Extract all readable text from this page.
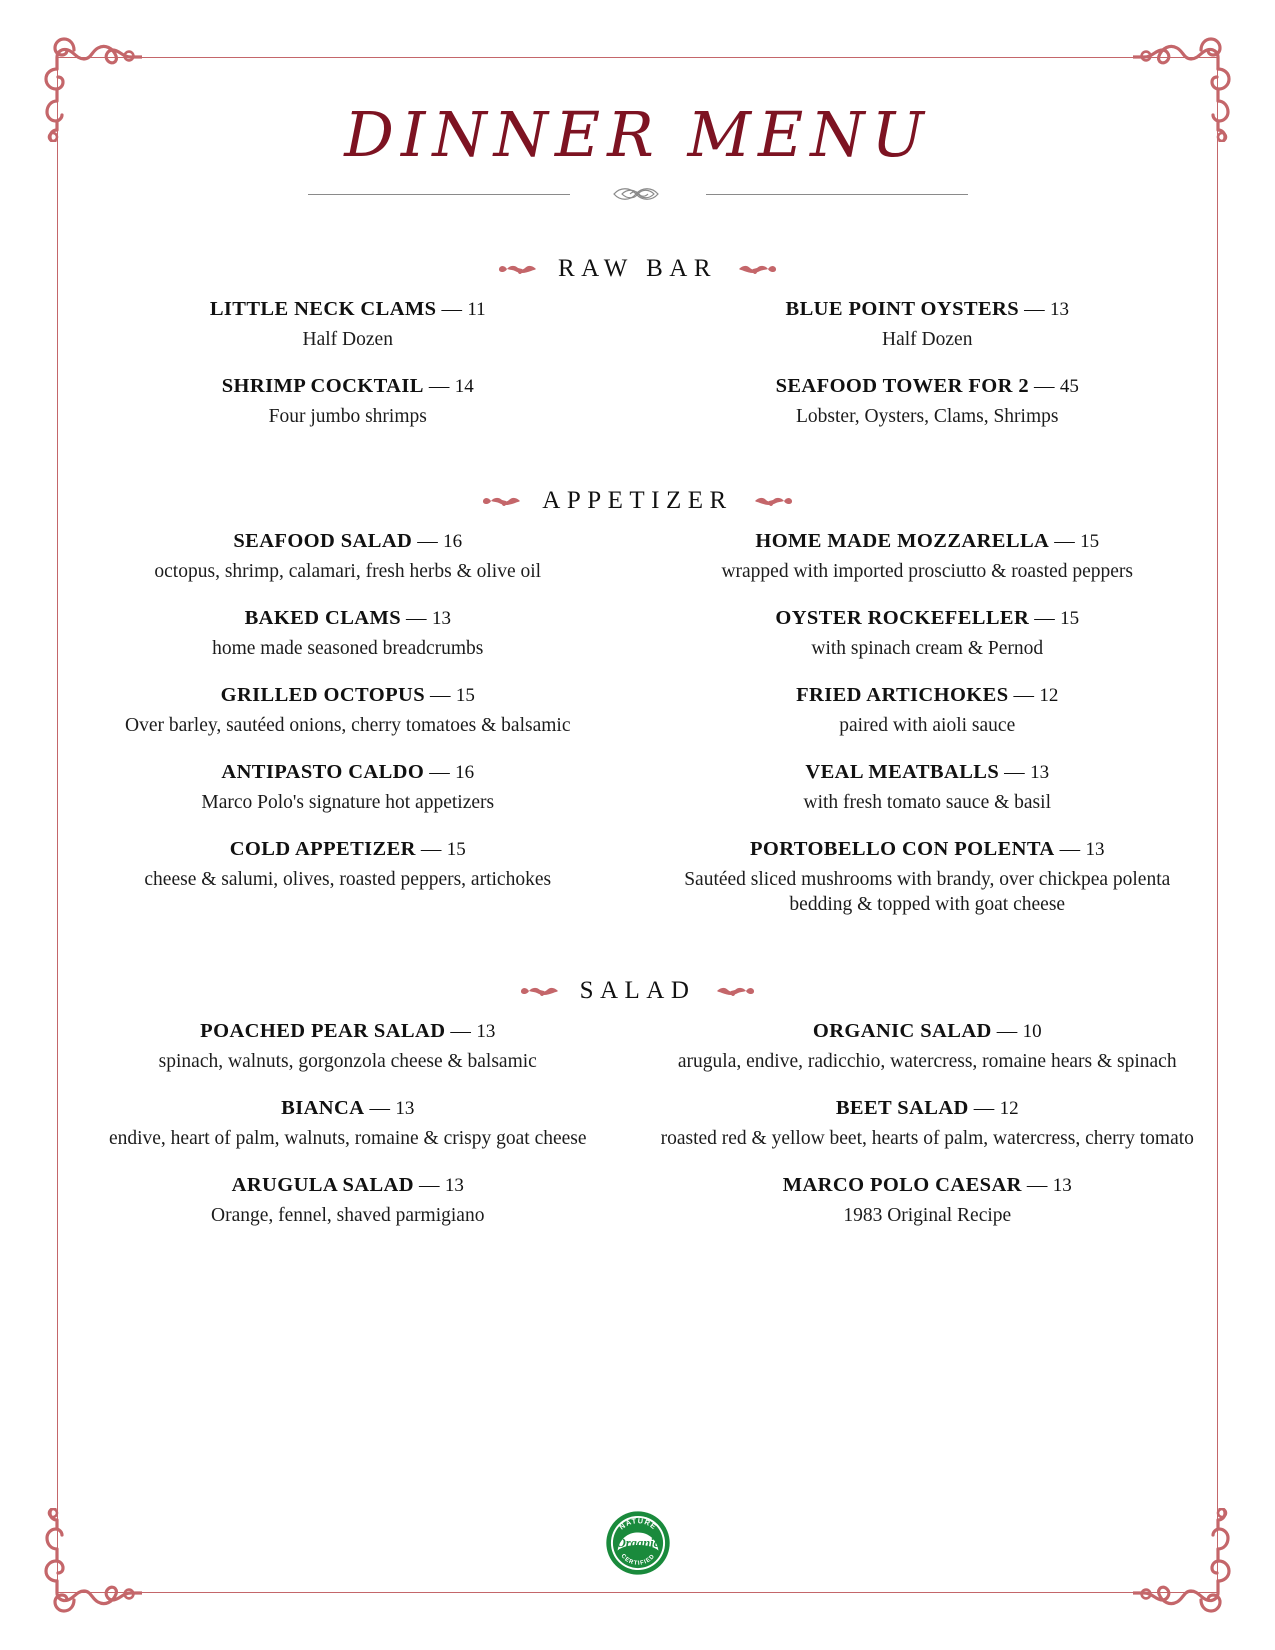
DINNER MENU
RAW BAR
LITTLE NECK CLAMS — 11
Half Dozen
SHRIMP COCKTAIL — 14
Four jumbo shrimps
BLUE POINT OYSTERS — 13
Half Dozen
SEAFOOD TOWER FOR 2 — 45
Lobster, Oysters, Clams, Shrimps
APPETIZER
SEAFOOD SALAD — 16
octopus, shrimp, calamari, fresh herbs & olive oil
BAKED CLAMS — 13
home made seasoned breadcrumbs
GRILLED OCTOPUS — 15
Over barley, sautéed onions, cherry tomatoes & balsamic
ANTIPASTO CALDO — 16
Marco Polo's signature hot appetizers
COLD APPETIZER — 15
cheese & salumi, olives, roasted peppers, artichokes
HOME MADE MOZZARELLA — 15
wrapped with imported prosciutto & roasted peppers
OYSTER ROCKEFELLER — 15
with spinach cream & Pernod
FRIED ARTICHOKES — 12
paired with aioli sauce
VEAL MEATBALLS — 13
with fresh tomato sauce & basil
PORTOBELLO CON POLENTA — 13
Sautéed sliced mushrooms with brandy, over chickpea polenta bedding & topped with goat cheese
SALAD
POACHED PEAR SALAD — 13
spinach, walnuts, gorgonzola cheese & balsamic
BIANCA — 13
endive, heart of palm, walnuts, romaine & crispy goat cheese
ARUGULA SALAD — 13
Orange, fennel, shaved parmigiano
ORGANIC SALAD — 10
arugula, endive, radicchio, watercress, romaine hears & spinach
BEET SALAD — 12
roasted red & yellow beet, hearts of palm, watercress, cherry tomato
MARCO POLO CAESAR — 13
1983 Original Recipe
NATURE
CERTIFIED
Organic
